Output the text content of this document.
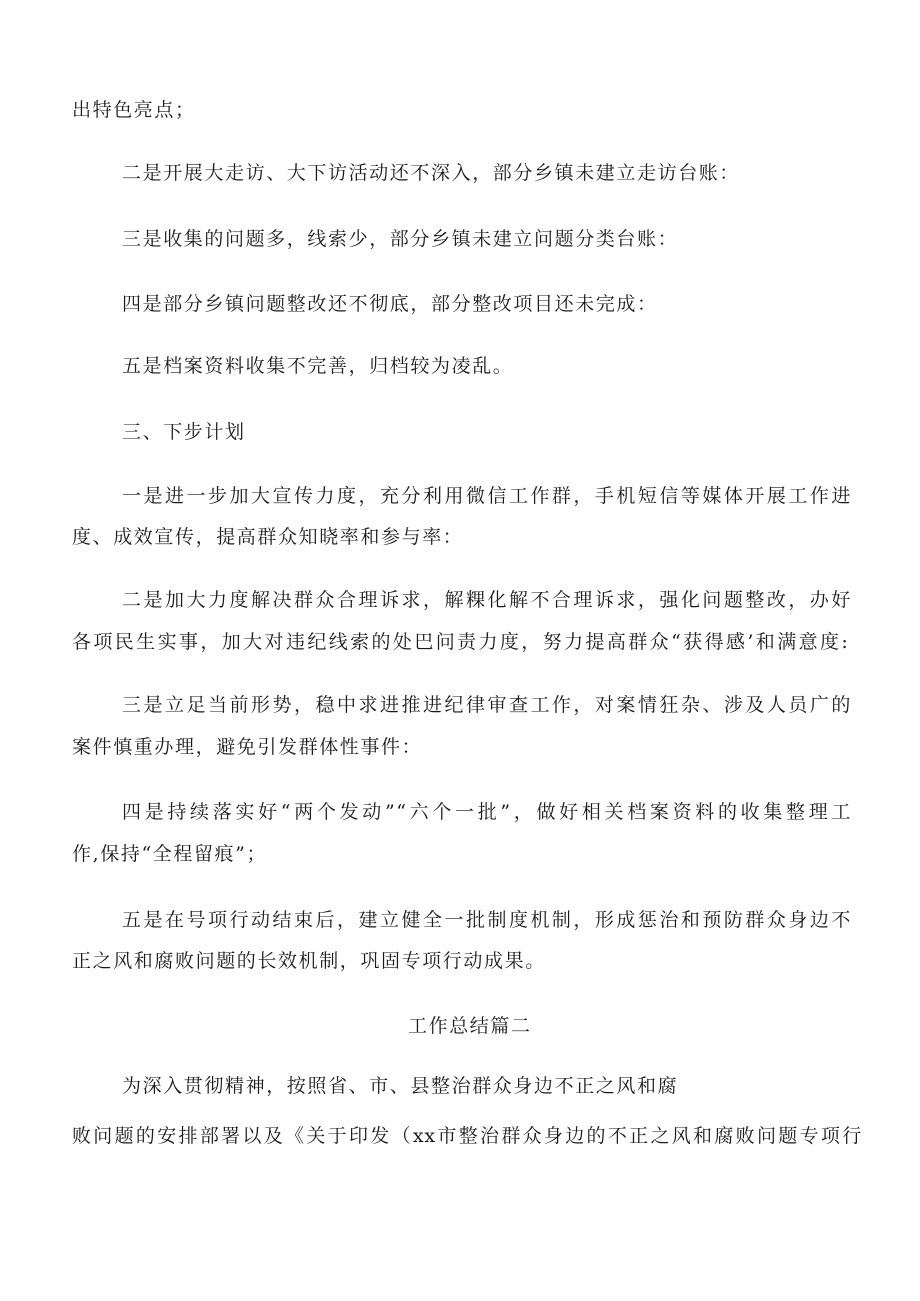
出特色亮点；
二是开展大走访、大下访活动还不深入，部分乡镇未建立走访台账：
三是收集的问题多，线索少，部分乡镇未建立问题分类台账：
四是部分乡镇问题整改还不彻底，部分整改项目还未完成：
五是档案资料收集不完善，归档较为凌乱。
三、下步计划
一是进一步加大宣传力度，充分利用微信工作群，手机短信等媒体开展工作进
度、成效宣传，提高群众知晓率和参与率：
二是加大力度解决群众合理诉求，解粿化解不合理诉求，强化问题整改，办好
各项民生实事，加大对违纪线索的处巴问责力度，努力提高群众“获得感’和满意度:
三是立足当前形势，稳中求进推进纪律审查工作，对案情狂杂、涉及人员广的
案件慎重办理，避免引发群体性事件：
四是持续落实好“两个发动”“六个一批”，做好相关档案资料的收集整理工
作,保持“全程留痕”；
五是在号项行动结束后，建立健全一批制度机制，形成惩治和预防群众身边不
正之风和腐败问题的长效机制，巩固专项行动成果。
工作总结篇二
为深入贯彻精神，按照省、市、县整治群众身边不正之风和腐
败问题的安排部署以及《关于印发（xx市整治群众身边的不正之风和腐败问题专项行
